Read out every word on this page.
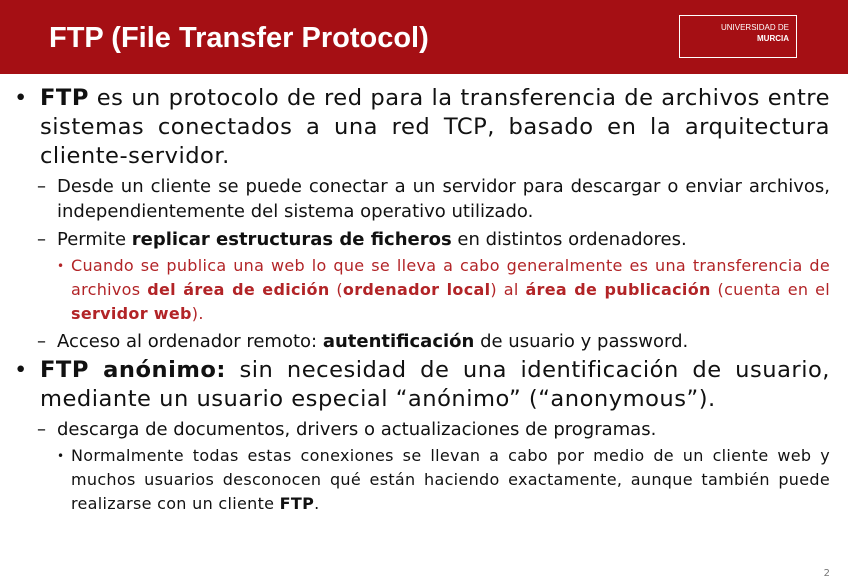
FTP (File Transfer Protocol)	UNIVERSIDAD DE
MURCIA
• FTP es un protocolo de red para la transferencia de archivos entre sistemas conectados a una red TCP, basado en la arquitectura cliente-servidor.
– Desde un cliente se puede conectar a un servidor para descargar o enviar archivos, independientemente del sistema operativo utilizado.
– Permite replicar estructuras de ficheros en distintos ordenadores.
• Cuando se publica una web lo que se lleva a cabo generalmente es una transferencia de archivos del área de edición (ordenador local) al área de publicación (cuenta en el servidor web).
– Acceso al ordenador remoto: autentificación de usuario y password.
• FTP anónimo: sin necesidad de una identificación de usuario, mediante un usuario especial “anónimo” (“anonymous”).
– descarga de documentos, drivers o actualizaciones de programas.
• Normalmente todas estas conexiones se llevan a cabo por medio de un cliente web y muchos usuarios desconocen qué están haciendo exactamente, aunque también puede realizarse con un cliente FTP.
2
